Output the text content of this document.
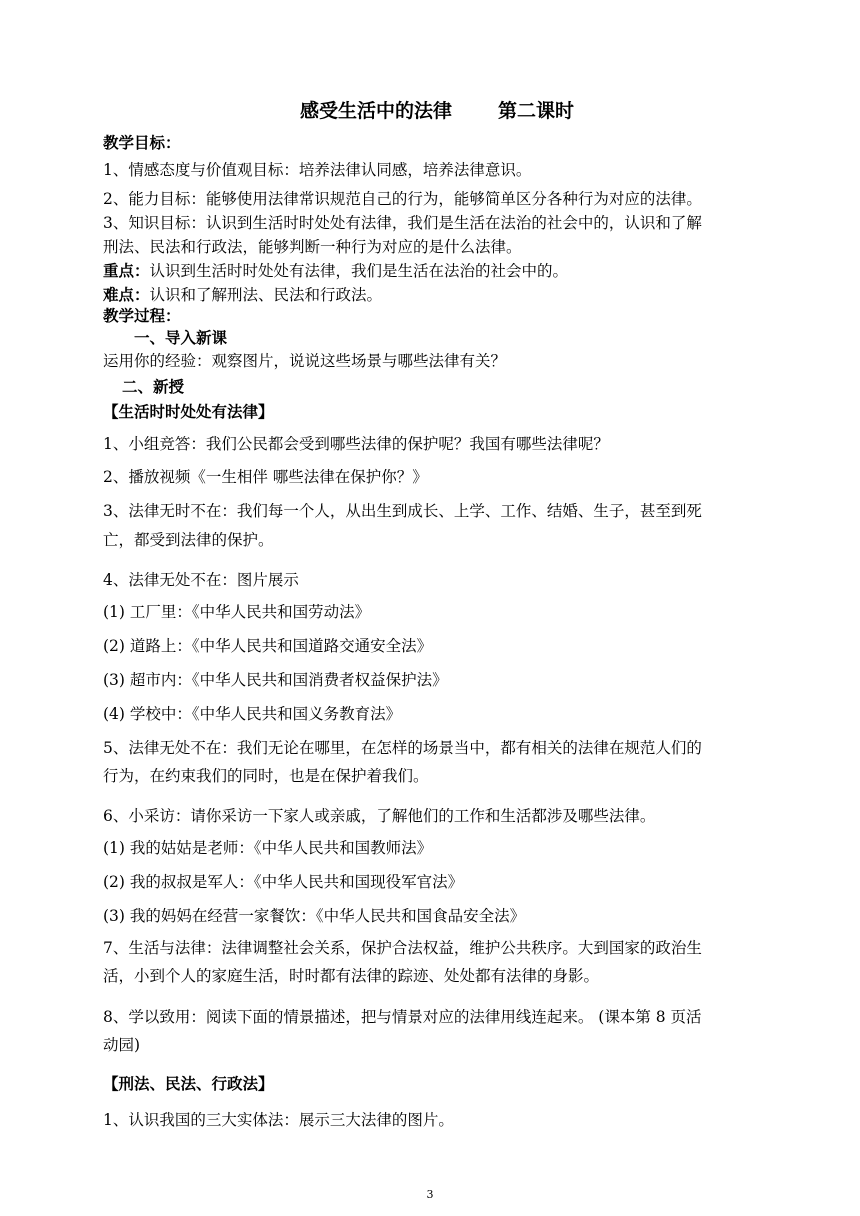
感受生活中的法律 第二课时
教学目标：
1、情感态度与价值观目标：培养法律认同感，培养法律意识。
2、能力目标：能够使用法律常识规范自己的行为，能够简单区分各种行为对应的法律。
3、知识目标：认识到生活时时处处有法律，我们是生活在法治的社会中的，认识和了解
刑法、民法和行政法，能够判断一种行为对应的是什么法律。
重点：认识到生活时时处处有法律，我们是生活在法治的社会中的。
难点：认识和了解刑法、民法和行政法。
教学过程：
一、导入新课
运用你的经验：观察图片，说说这些场景与哪些法律有关？
二、新授
【生活时时处处有法律】
1、小组竞答：我们公民都会受到哪些法律的保护呢？我国有哪些法律呢？
2、播放视频《一生相伴 哪些法律在保护你？》
3、法律无时不在：我们每一个人，从出生到成长、上学、工作、结婚、生子，甚至到死
亡，都受到法律的保护。
4、法律无处不在：图片展示
(1) 工厂里：《中华人民共和国劳动法》
(2) 道路上：《中华人民共和国道路交通安全法》
(3) 超市内：《中华人民共和国消费者权益保护法》
(4) 学校中：《中华人民共和国义务教育法》
5、法律无处不在：我们无论在哪里，在怎样的场景当中，都有相关的法律在规范人们的
行为，在约束我们的同时，也是在保护着我们。
6、小采访：请你采访一下家人或亲戚，了解他们的工作和生活都涉及哪些法律。
(1) 我的姑姑是老师：《中华人民共和国教师法》
(2) 我的叔叔是军人：《中华人民共和国现役军官法》
(3) 我的妈妈在经营一家餐饮：《中华人民共和国食品安全法》
7、生活与法律：法律调整社会关系，保护合法权益，维护公共秩序。大到国家的政治生
活，小到个人的家庭生活，时时都有法律的踪迹、处处都有法律的身影。
8、学以致用：阅读下面的情景描述，把与情景对应的法律用线连起来。 (课本第 8 页活
动园)
【刑法、民法、行政法】
1、认识我国的三大实体法：展示三大法律的图片。
3
